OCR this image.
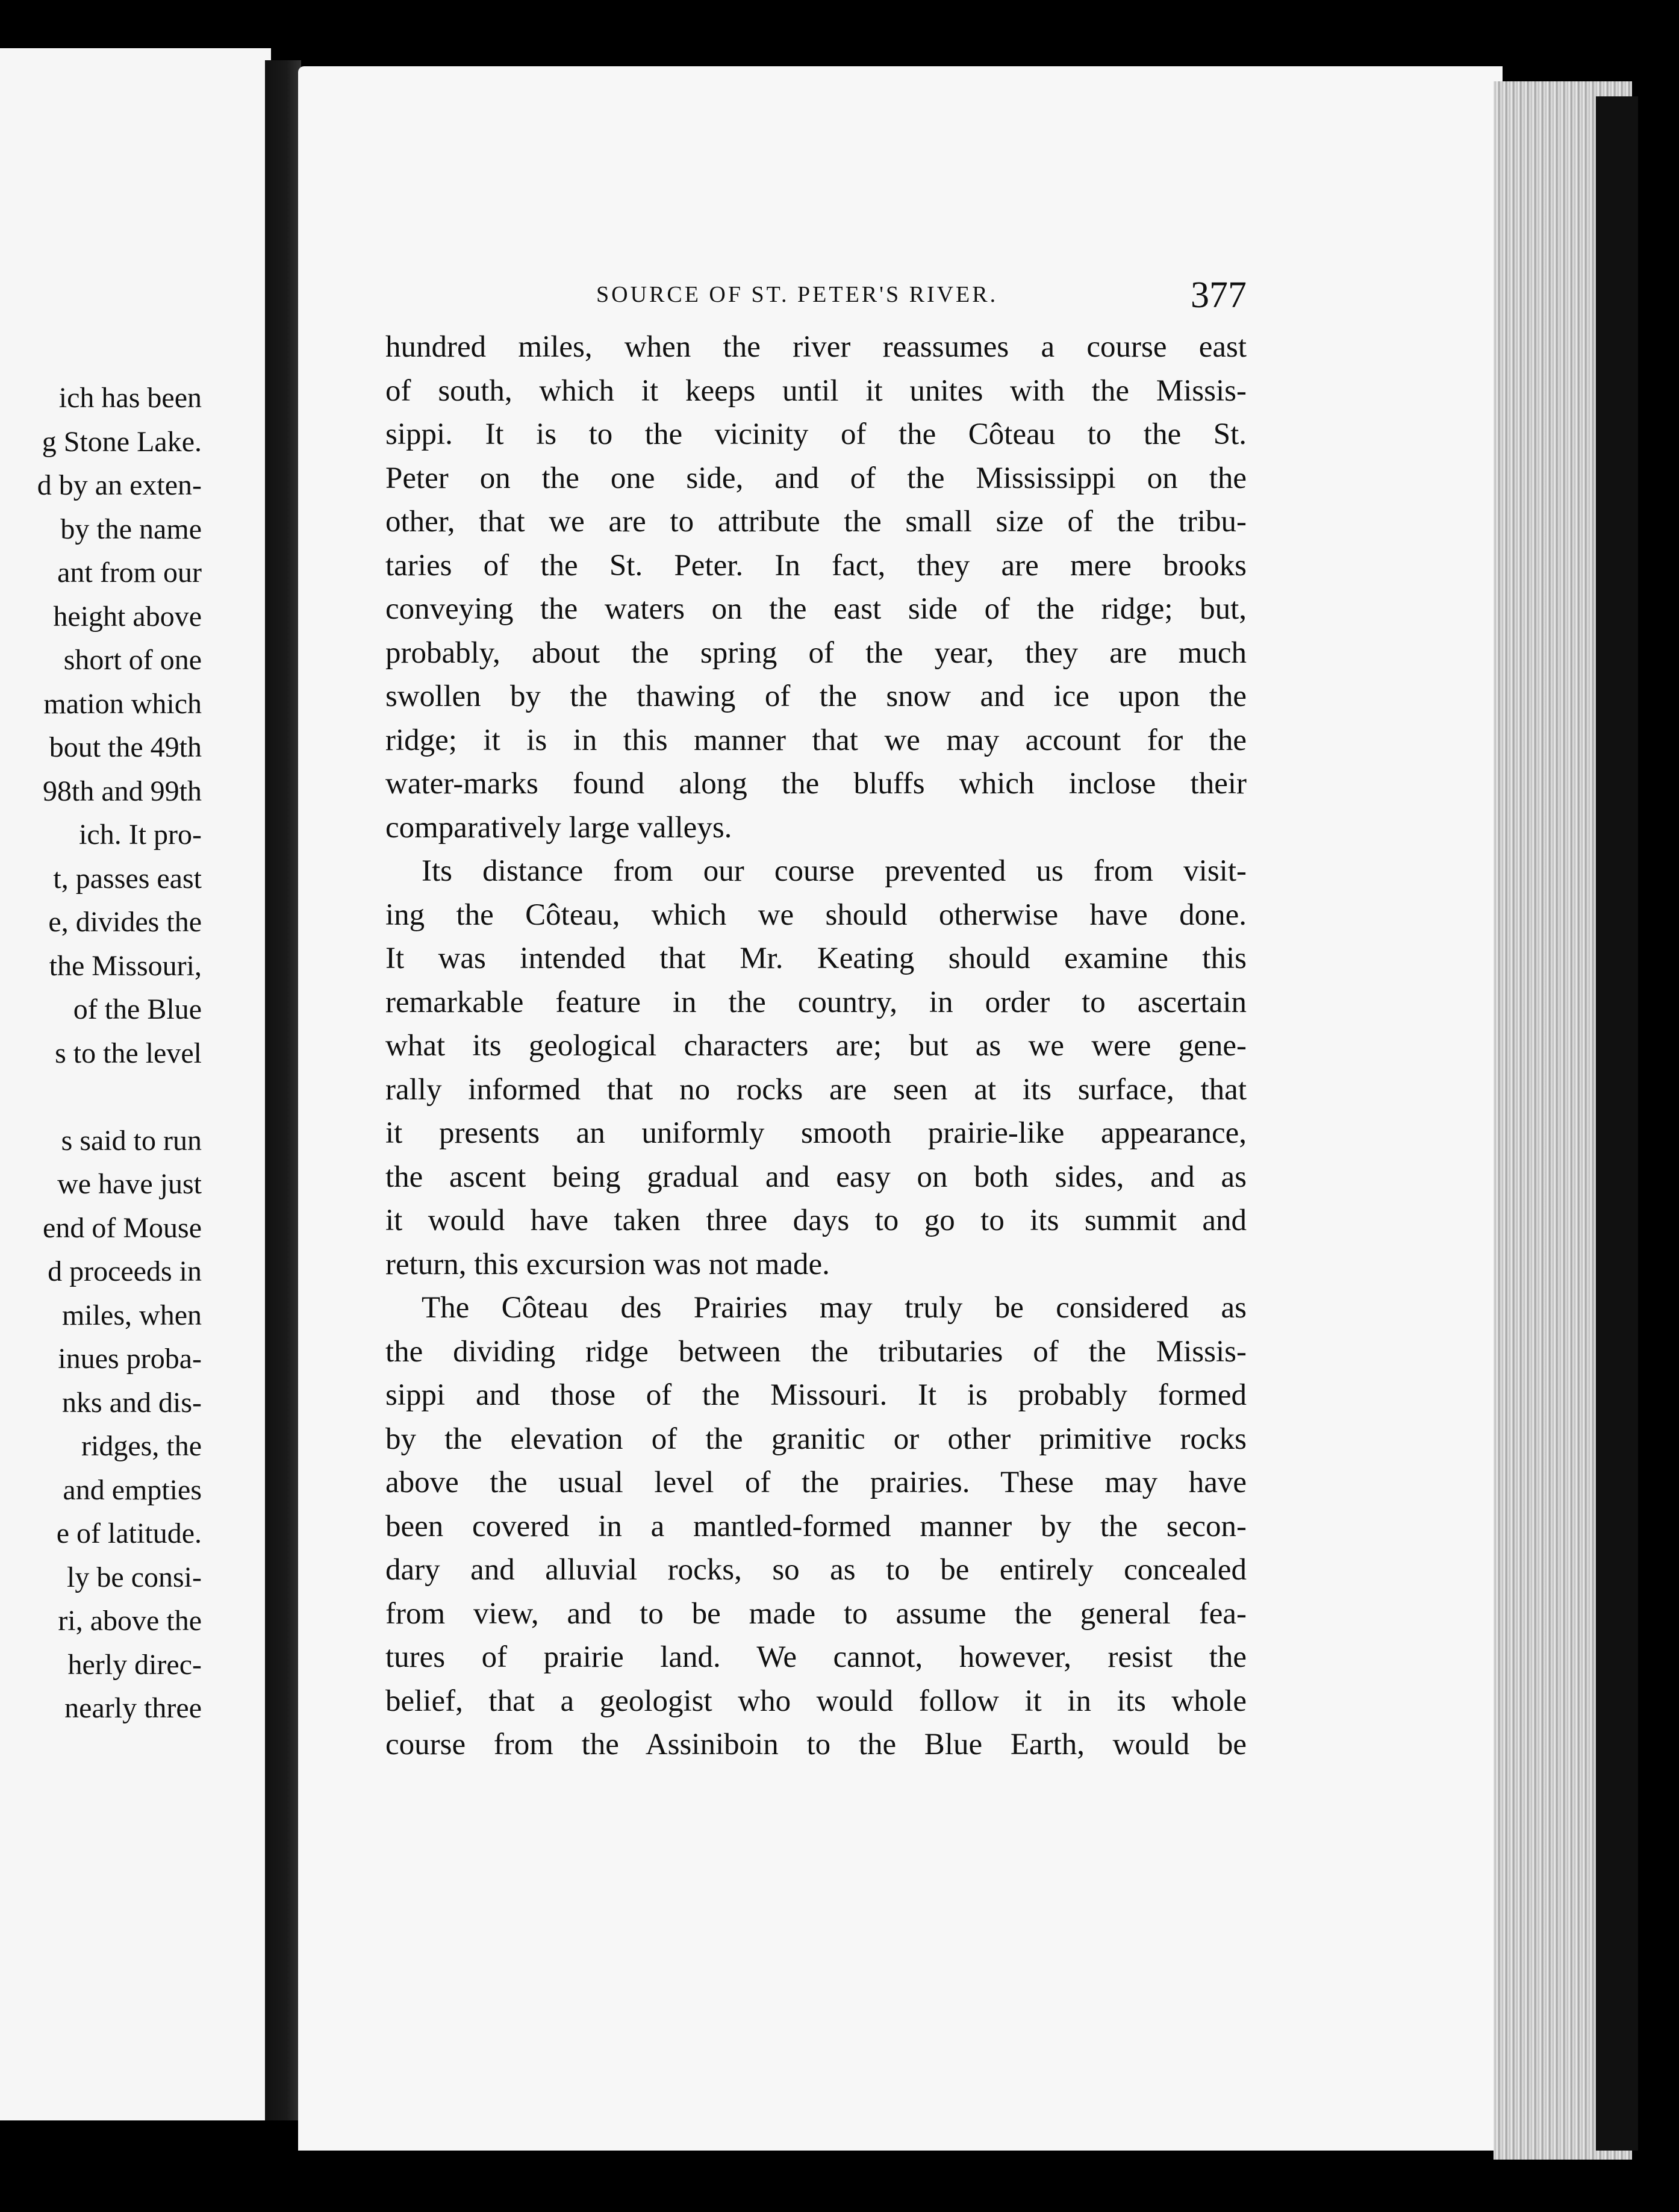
ich has been
g Stone Lake.
d by an exten-
by the name
ant from our
height above
short of one
mation which
bout the 49th
98th and 99th
ich. It pro-
t, passes east
e, divides the
the Missouri,
of the Blue
s to the level
s said to run
we have just
end of Mouse
d proceeds in
miles, when
inues proba-
nks and dis-
ridges, the
and empties
e of latitude.
ly be consi-
ri, above the
herly direc-
nearly three
SOURCE OF ST. PETER'S RIVER.	377
hundred miles, when the river reassumes a course east
of south, which it keeps until it unites with the Missis-
sippi. It is to the vicinity of the Côteau to the St.
Peter on the one side, and of the Mississippi on the
other, that we are to attribute the small size of the tribu-
taries of the St. Peter. In fact, they are mere brooks
conveying the waters on the east side of the ridge; but,
probably, about the spring of the year, they are much
swollen by the thawing of the snow and ice upon the
ridge; it is in this manner that we may account for the
water-marks found along the bluffs which inclose their
comparatively large valleys.
Its distance from our course prevented us from visit-
ing the Côteau, which we should otherwise have done.
It was intended that Mr. Keating should examine this
remarkable feature in the country, in order to ascertain
what its geological characters are; but as we were gene-
rally informed that no rocks are seen at its surface, that
it presents an uniformly smooth prairie-like appearance,
the ascent being gradual and easy on both sides, and as
it would have taken three days to go to its summit and
return, this excursion was not made.
The Côteau des Prairies may truly be considered as
the dividing ridge between the tributaries of the Missis-
sippi and those of the Missouri. It is probably formed
by the elevation of the granitic or other primitive rocks
above the usual level of the prairies. These may have
been covered in a mantled-formed manner by the secon-
dary and alluvial rocks, so as to be entirely concealed
from view, and to be made to assume the general fea-
tures of prairie land. We cannot, however, resist the
belief, that a geologist who would follow it in its whole
course from the Assiniboin to the Blue Earth, would be
